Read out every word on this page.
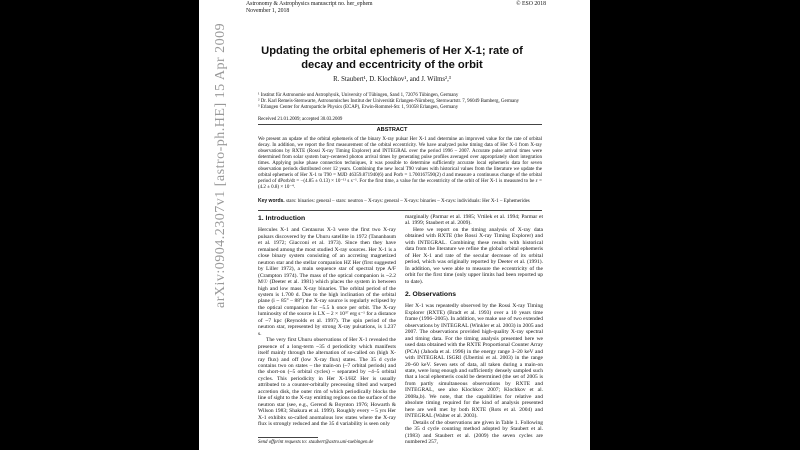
Astronomy & Astrophysics manuscript no. her_ephem
November 1, 2018
© ESO 2018
arXiv:0904.2307v1 [astro-ph.HE] 15 Apr 2009	Updating the orbital ephemeris of Her X-1; rate of decay and eccentricity of the orbit
R. Staubert¹, D. Klochkov¹, and J. Wilms²,³
¹ Institut für Astronomie und Astrophysik, University of Tübingen, Sand 1, 72076 Tübingen, Germany
² Dr. Karl Remeis-Sternwarte, Astronomisches Institut der Universität Erlangen-Nürnberg, Sternwartstr. 7, 96049 Bamberg, Germany
³ Erlangen Center for Astroparticle Physics (ECAP), Erwin-Rommel-Str. 1, 91058 Erlangen, Germany
Received 21.01.2009; accepted 30.03.2009
ABSTRACT
We present an update of the orbital ephemeris of the binary X-ray pulsar Her X-1 and determine an improved value for the rate of orbital decay. In addition, we report the first measurement of the orbital eccentricity. We have analyzed pulse timing data of Her X-1 from X-ray observations by RXTE (Rossi X-ray Timing Explorer) and INTEGRAL over the period 1996 – 2007. Accurate pulse arrival times were determined from solar system bary-centered photon arrival times by generating pulse profiles averaged over appropriately short integration times. Applying pulse phase connection techniques, it was possible to determine sufficiently accurate local ephemeris data for seven observation periods distributed over 12 years. Combining the new local T90 values with historical values from the literature we update the orbital ephemeris of Her X-1 to T90 = MJD 46359.871940(6) and Porb = 1.700167590(2) d and measure a continuous change of the orbital period of dPorb/dt = −(4.85 ± 0.13) × 10⁻¹¹ s s⁻¹. For the first time, a value for the eccentricity of the orbit of Her X-1 is measured to be ε = (4.2 ± 0.8) × 10⁻⁴.
Key words. stars: binaries: general – stars: neutron – X-rays: general – X-rays: binaries – X-rays: individuals: Her X-1 – Ephemerides
1. Introduction

Hercules X-1 and Centaurus X-3 were the first two X-ray pulsars discovered by the Uhuru satellite in 1972 (Tananbaum et al. 1972; Giacconi et al. 1973). Since then they have remained among the most studied X-ray sources. Her X-1 is a close binary system consisting of an accreting magnetized neutron star and the stellar companion HZ Her (first suggested by Liller 1972), a main sequence star of spectral type A/F (Crampton 1974). The mass of the optical companion is ~2.2 M☉ (Deeter et al. 1981) which places the system in between high and low mass X-ray binaries. The orbital period of the system is 1.700 d. Due to the high inclination of the orbital plane (i ~ 85° – 88°) the X-ray source is regularly eclipsed by the optical companion for ~5.5 h once per orbit. The X-ray luminosity of the source is LX ~ 2 × 10³⁷ erg s⁻¹ for a distance of ~7 kpc (Reynolds et al. 1997). The spin period of the neutron star, represented by strong X-ray pulsations, is 1.237 s.

The very first Uhuru observations of Her X-1 revealed the presence of a long-term ~35 d periodicity which manifests itself mainly through the alternation of so-called on (high X-ray flux) and off (low X-ray flux) states. The 35 d cycle contains two on states – the main-on (~7 orbital periods) and the short-on (~5 orbital cycles) – separated by ~4–5 orbital cycles. This periodicity in Her X-1/HZ Her is usually attributed to a counter-orbitally precessing tilted and warped accretion disk, the outer rim of which periodically blocks the line of sight to the X-ray emitting regions on the surface of the neutron star (see, e.g., Gerend & Boynton 1976; Howarth & Wilson 1983; Shakura et al. 1999). Roughly every ~ 5 yrs Her X-1 exhibits so-called anomalous low states where the X-ray flux is strongly reduced and the 35 d variability is seen only

marginally (Parmar et al. 1985; Vrtilek et al. 1994; Parmar et al. 1999; Staubert et al. 2009).

Here we report on the timing analysis of X-ray data obtained with RXTE (the Rossi X-ray Timing Explorer) and with INTEGRAL. Combining these results with historical data from the literature we refine the global orbital ephemeris of Her X-1 and rate of the secular decrease of its orbital period, which was originally reported by Deeter et al. (1991). In addition, we were able to measure the eccentricity of the orbit for the first time (only upper limits had been reported up to date).

2. Observations

Her X-1 was repeatedly observed by the Rossi X-ray Timing Explorer (RXTE) (Bradt et al. 1993) over a 10 years time frame (1996–2005). In addition, we make use of two extended observations by INTEGRAL (Winkler et al. 2003) in 2005 and 2007. The observations provided high-quality X-ray spectral and timing data. For the timing analysis presented here we used data obtained with the RXTE Proportional Counter Array (PCA) (Jahoda et al. 1996) in the energy range 3–20 keV and with INTEGRAL ISGRI (Ubertini et al. 2003) in the range 20–60 keV. Seven sets of data, all taken during a main-on state, were long enough and sufficiently densely sampled such that a local ephemeris could be determined (the set of 2005 is from partly simultaneous observations by RXTE and INTEGRAL, see also Klochkov 2007; Klochkov et al. 2008a,b). We note, that the capabilities for relative and absolute timing required for the kind of analysis presented here are well met by both RXTE (Rots et al. 2004) and INTEGRAL (Walter et al. 2003).

Details of the observations are given in Table 1. Following the 35 d cycle counting method adopted by Staubert et al. (1983) and Staubert et al. (2009) the seven cycles are numbered 257,

Send offprint requests to: staubert@astro.uni-tuebingen.de
